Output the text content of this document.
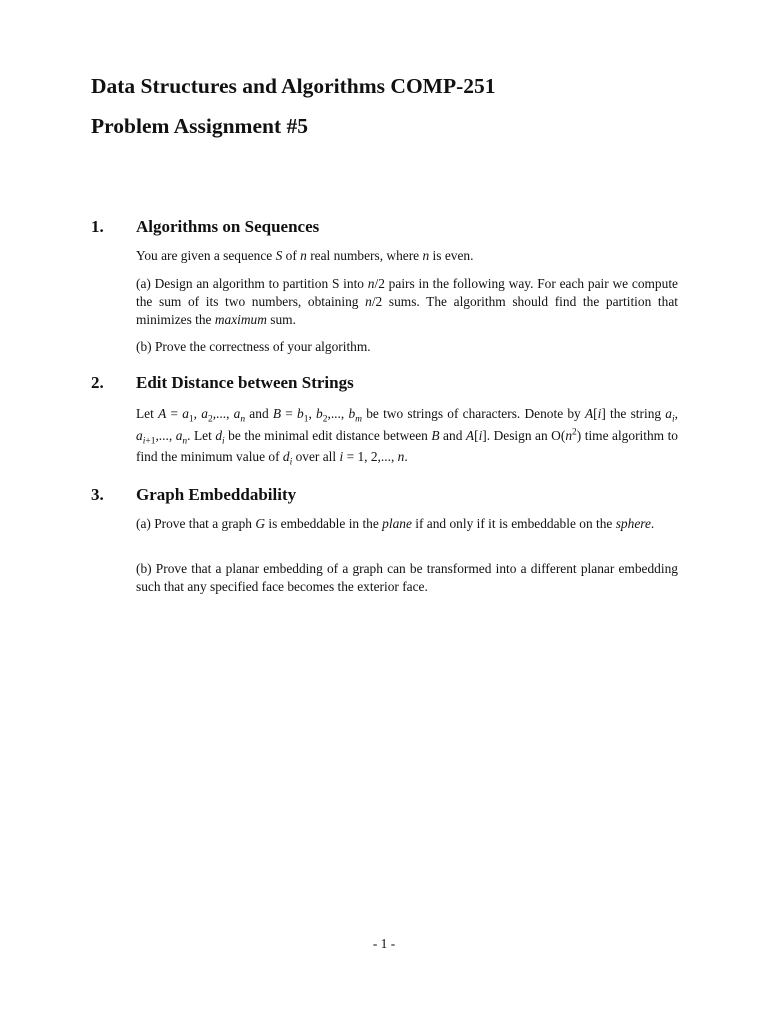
Data Structures and Algorithms COMP-251
Problem Assignment #5
1. Algorithms on Sequences
You are given a sequence S of n real numbers, where n is even.
(a) Design an algorithm to partition S into n/2 pairs in the following way. For each pair we compute the sum of its two numbers, obtaining n/2 sums. The algorithm should find the partition that minimizes the maximum sum.
(b) Prove the correctness of your algorithm.
2. Edit Distance between Strings
Let $A = a_1$, $a_2$,..., $a_n$ and $B = b_1$, $b_2$,..., $b_m$ be two strings of characters. Denote by A[i] the string $a_i$, $a_{i+1}$,..., $a_n$. Let $d_i$ be the minimal edit distance between B and A[i]. Design an $O(n^2)$ time algorithm to find the minimum value of $d_i$ over all i = 1, 2,..., n.
3. Graph Embeddability
(a) Prove that a graph G is embeddable in the plane if and only if it is embeddable on the sphere.
(b) Prove that a planar embedding of a graph can be transformed into a different planar embedding such that any specified face becomes the exterior face.
- 1 -
